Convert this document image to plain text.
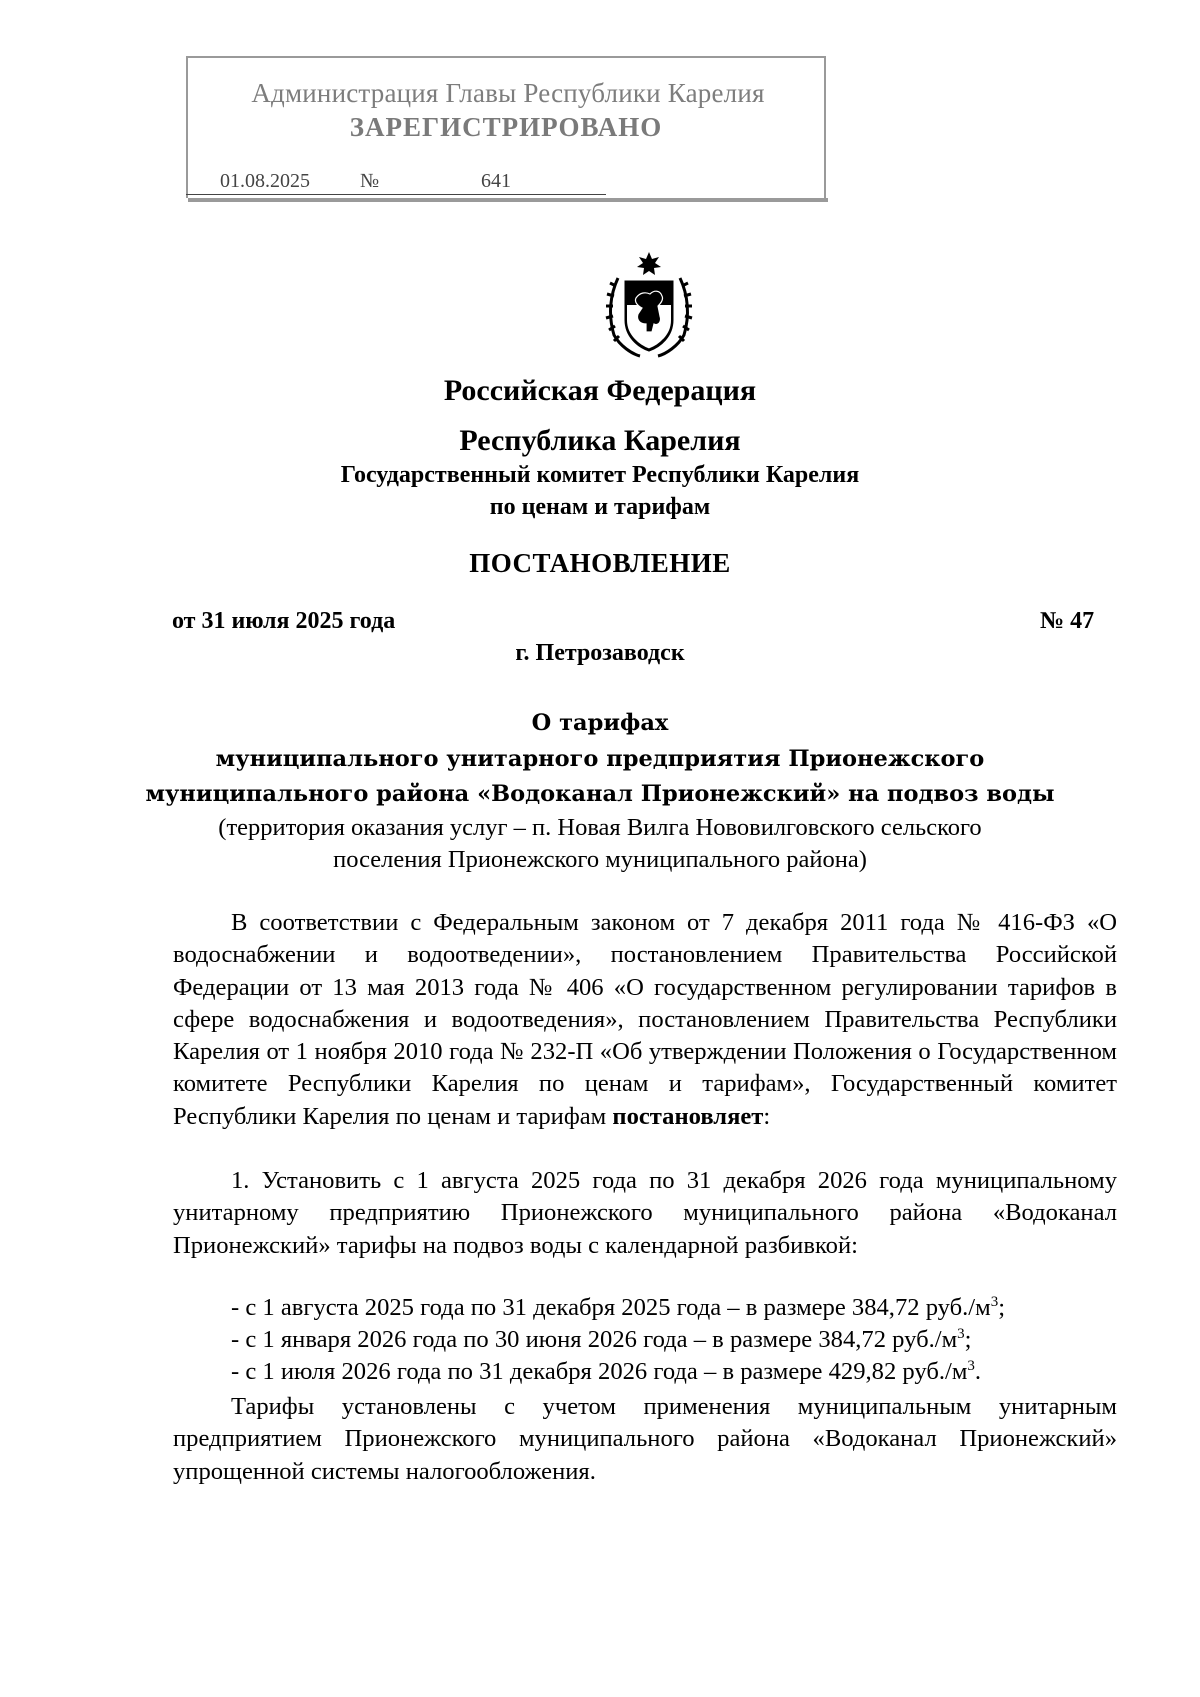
Администрация Главы Республики Карелия
ЗАРЕГИСТРИРОВАНО
01.08.2025	№	641
Российская Федерация
Республика Карелия
Государственный комитет Республики Карелия
по ценам и тарифам
ПОСТАНОВЛЕНИЕ
от 31 июля 2025 года	№ 47
г. Петрозаводск
О тарифах
муниципального унитарного предприятия Прионежского
муниципального района «Водоканал Прионежский» на подвоз воды
(территория оказания услуг – п. Новая Вилга Нововилговского сельского
поселения Прионежского муниципального района)
В соответствии с Федеральным законом от 7 декабря 2011 года № 416-ФЗ «О водоснабжении и водоотведении», постановлением Правительства Российской Федерации от 13 мая 2013 года № 406 «О государственном регулировании тарифов в сфере водоснабжения и водоотведения», постановлением Правительства Республики Карелия от 1 ноября 2010 года № 232-П «Об утверждении Положения о Государственном комитете Республики Карелия по ценам и тарифам», Государственный комитет Республики Карелия по ценам и тарифам постановляет:
1. Установить с 1 августа 2025 года по 31 декабря 2026 года муниципальному унитарному предприятию Прионежского муниципального района «Водоканал Прионежский» тарифы на подвоз воды с календарной разбивкой:
- с 1 августа 2025 года по 31 декабря 2025 года – в размере 384,72 $руб./м^3$;
- с 1 января 2026 года по 30 июня 2026 года – в размере 384,72 $руб./м^3$;
- с 1 июля 2026 года по 31 декабря 2026 года – в размере 429,82 $руб./м^3$.
Тарифы установлены с учетом применения муниципальным унитарным предприятием Прионежского муниципального района «Водоканал Прионежский» упрощенной системы налогообложения.
